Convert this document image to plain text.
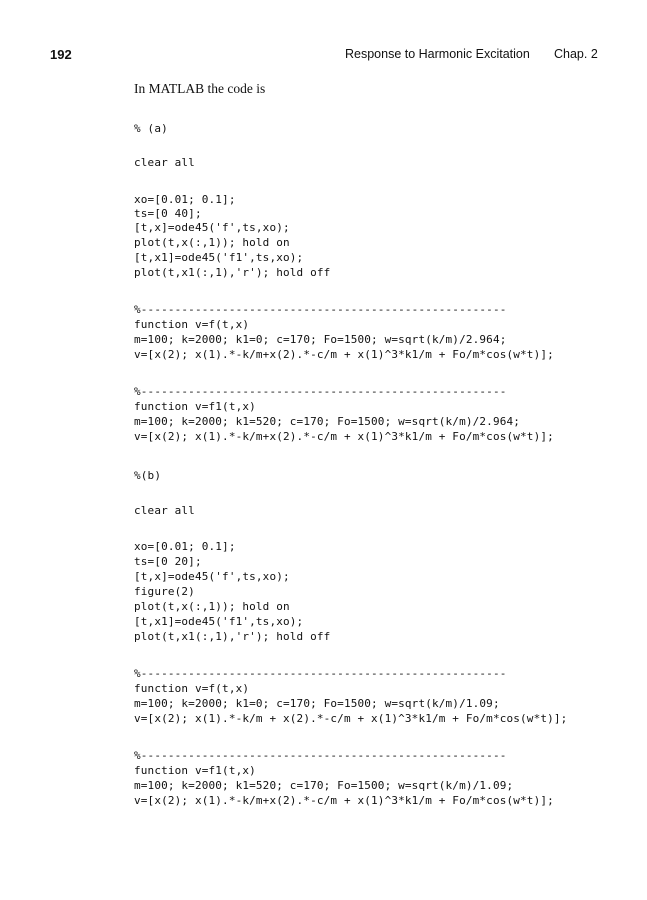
192	Response to Harmonic Excitation Chap. 2
In MATLAB the code is
% (a)
clear all
xo=[0.01; 0.1];
ts=[0 40];
[t,x]=ode45('f',ts,xo);
plot(t,x(:,1)); hold on
[t,x1]=ode45('f1',ts,xo);
plot(t,x1(:,1),'r'); hold off
%------------------------------------------------------
function v=f(t,x)
m=100; k=2000; k1=0; c=170; Fo=1500; w=sqrt(k/m)/2.964;
v=[x(2); x(1).*-k/m+x(2).*-c/m + x(1)^3*k1/m + Fo/m*cos(w*t)];
%------------------------------------------------------
function v=f1(t,x)
m=100; k=2000; k1=520; c=170; Fo=1500; w=sqrt(k/m)/2.964;
v=[x(2); x(1).*-k/m+x(2).*-c/m + x(1)^3*k1/m + Fo/m*cos(w*t)];
%(b)
clear all
xo=[0.01; 0.1];
ts=[0 20];
[t,x]=ode45('f',ts,xo);
figure(2)
plot(t,x(:,1)); hold on
[t,x1]=ode45('f1',ts,xo);
plot(t,x1(:,1),'r'); hold off
%------------------------------------------------------
function v=f(t,x)
m=100; k=2000; k1=0; c=170; Fo=1500; w=sqrt(k/m)/1.09;
v=[x(2); x(1).*-k/m + x(2).*-c/m + x(1)^3*k1/m + Fo/m*cos(w*t)];
%------------------------------------------------------
function v=f1(t,x)
m=100; k=2000; k1=520; c=170; Fo=1500; w=sqrt(k/m)/1.09;
v=[x(2); x(1).*-k/m+x(2).*-c/m + x(1)^3*k1/m + Fo/m*cos(w*t)];
